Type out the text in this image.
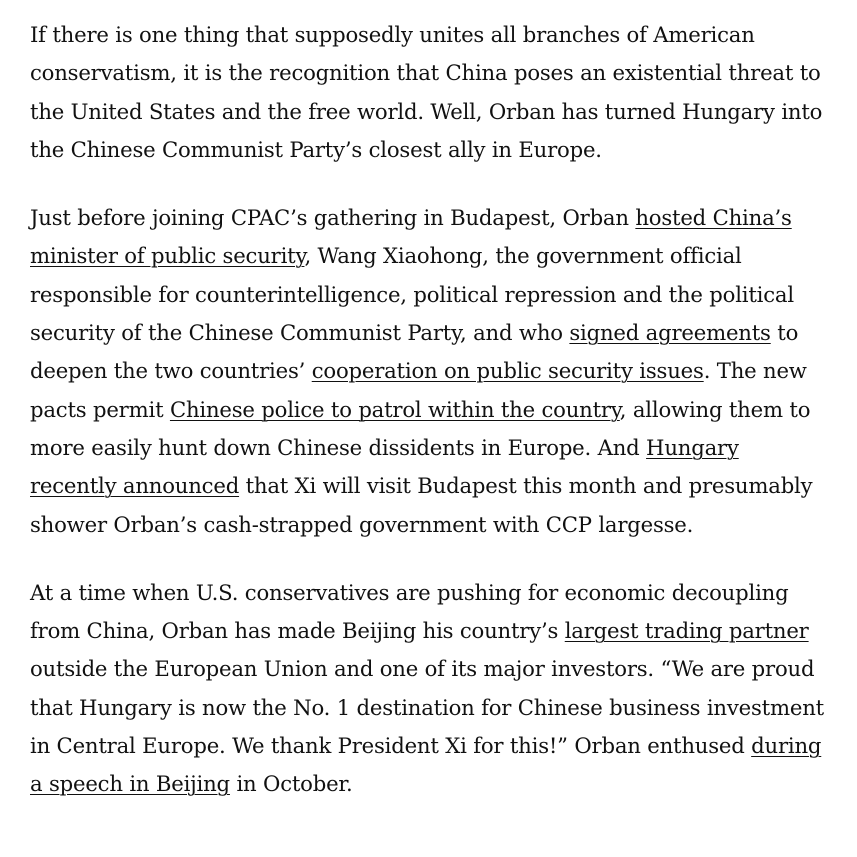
If there is one thing that supposedly unites all branches of American conservatism, it is the recognition that China poses an existential threat to the United States and the free world. Well, Orban has turned Hungary into the Chinese Communist Party’s closest ally in Europe.

Just before joining CPAC’s gathering in Budapest, Orban hosted China’s minister of public security, Wang Xiaohong, the government official responsible for counterintelligence, political repression and the political security of the Chinese Communist Party, and who signed agreements to deepen the two countries’ cooperation on public security issues. The new pacts permit Chinese police to patrol within the country, allowing them to more easily hunt down Chinese dissidents in Europe. And Hungary recently announced that Xi will visit Budapest this month and presumably shower Orban’s cash-strapped government with CCP largesse.

At a time when U.S. conservatives are pushing for economic decoupling from China, Orban has made Beijing his country’s largest trading partner outside the European Union and one of its major investors. “We are proud that Hungary is now the No. 1 destination for Chinese business investment in Central Europe. We thank President Xi for this!” Orban enthused during a speech in Beijing in October.
